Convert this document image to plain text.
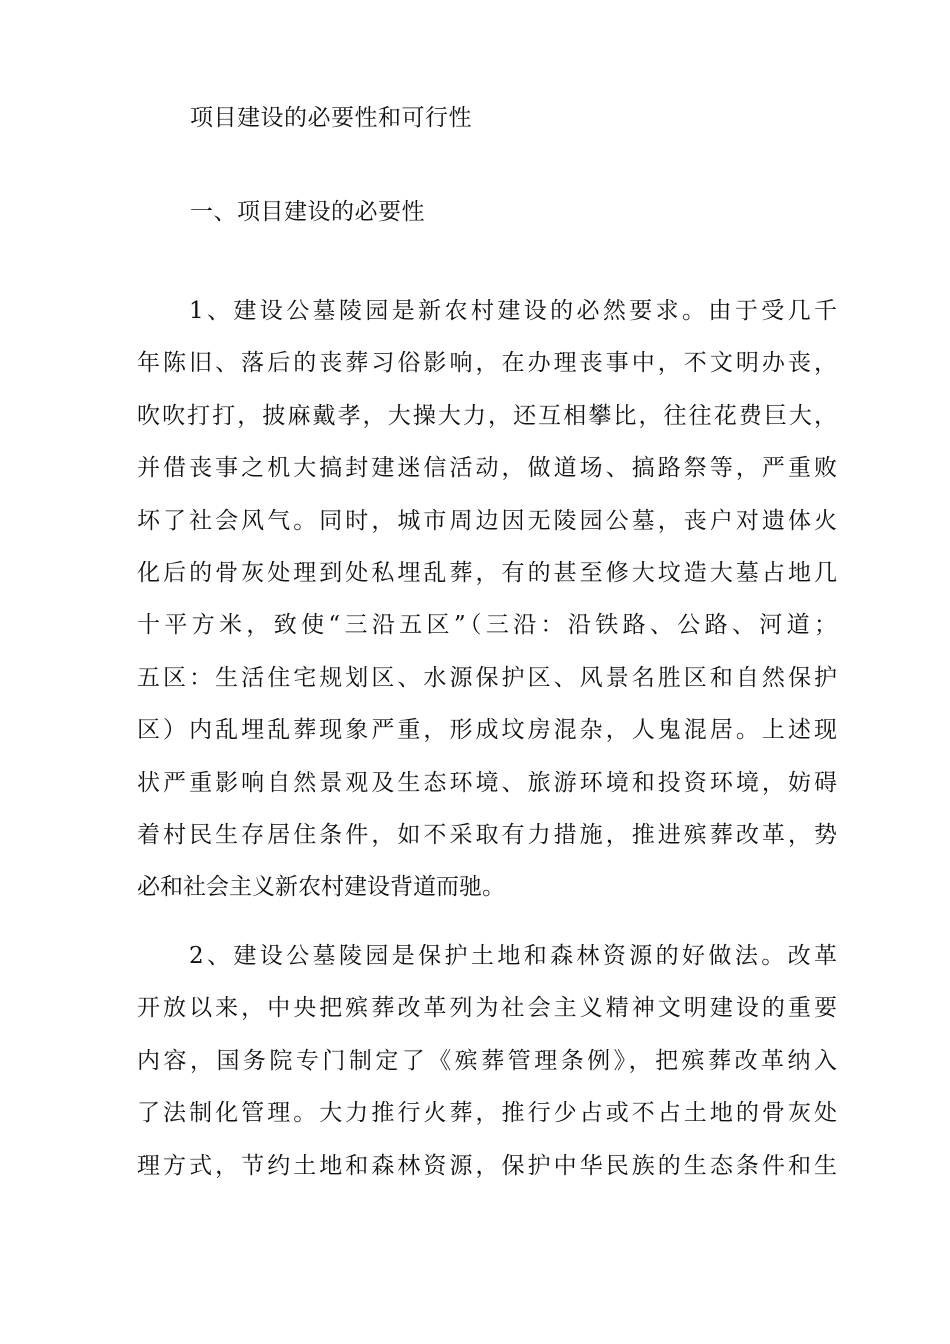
项目建设的必要性和可行性
一、项目建设的必要性
1、建设公墓陵园是新农村建设的必然要求。由于受几千
年陈旧、落后的丧葬习俗影响，在办理丧事中，不文明办丧，
吹吹打打，披麻戴孝，大操大力，还互相攀比，往往花费巨大，
并借丧事之机大搞封建迷信活动，做道场、搞路祭等，严重败
坏了社会风气。同时，城市周边因无陵园公墓，丧户对遗体火
化后的骨灰处理到处私埋乱葬，有的甚至修大坟造大墓占地几
十平方米，致使“三沿五区”（三沿：沿铁路、公路、河道；
五区：生活住宅规划区、水源保护区、风景名胜区和自然保护
区）内乱埋乱葬现象严重，形成坟房混杂，人鬼混居。上述现
状严重影响自然景观及生态环境、旅游环境和投资环境，妨碍
着村民生存居住条件，如不采取有力措施，推进殡葬改革，势
必和社会主义新农村建设背道而驰。
2、建设公墓陵园是保护土地和森林资源的好做法。改革
开放以来，中央把殡葬改革列为社会主义精神文明建设的重要
内容，国务院专门制定了《殡葬管理条例》，把殡葬改革纳入
了法制化管理。大力推行火葬，推行少占或不占土地的骨灰处
理方式，节约土地和森林资源，保护中华民族的生态条件和生
